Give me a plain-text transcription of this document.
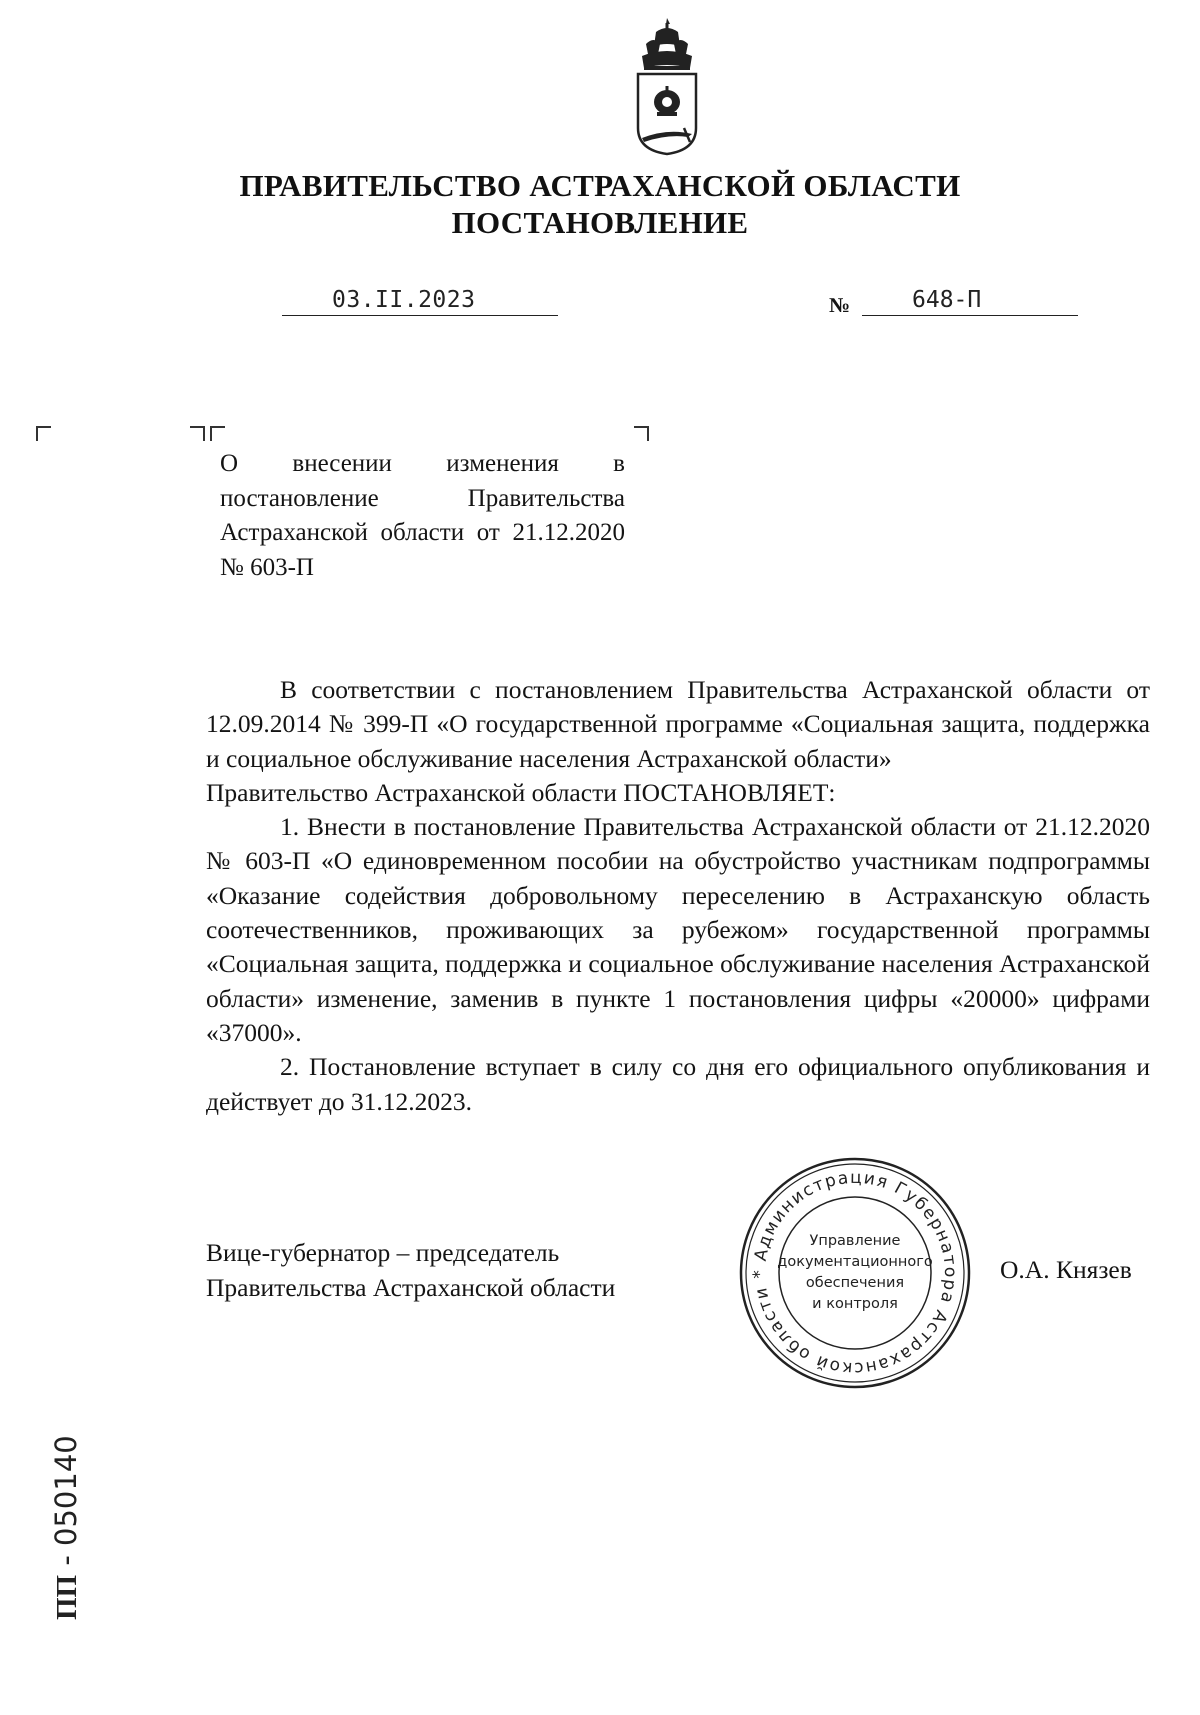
ПРАВИТЕЛЬСТВО АСТРАХАНСКОЙ ОБЛАСТИ
ПОСТАНОВЛЕНИЕ
03.II.2023	№	648-П
О внесении изменения в постановление Правительства Астраханской области от 21.12.2020 № 603-П

В соответствии с постановлением Правительства Астраханской области от 12.09.2014 № 399-П «О государственной программе «Социальная защита, поддержка и социальное обслуживание населения Астраханской области»

Правительство Астраханской области ПОСТАНОВЛЯЕТ:

1. Внести в постановление Правительства Астраханской области от 21.12.2020 № 603-П «О единовременном пособии на обустройство участникам подпрограммы «Оказание содействия добровольному переселению в Астраханскую область соотечественников, проживающих за рубежом» государственной программы «Социальная защита, поддержка и социальное обслуживание населения Астраханской области» изменение, заменив в пункте 1 постановления цифры «20000» цифрами «37000».

2. Постановление вступает в силу со дня его официального опубликования и действует до 31.12.2023.

Вице-губернатор – председатель
Правительства Астраханской области
О.А. Князев
Администрация Губернатора Астраханской области *
Управление
документационного
обеспечения
и контроля
ПП - 050140
